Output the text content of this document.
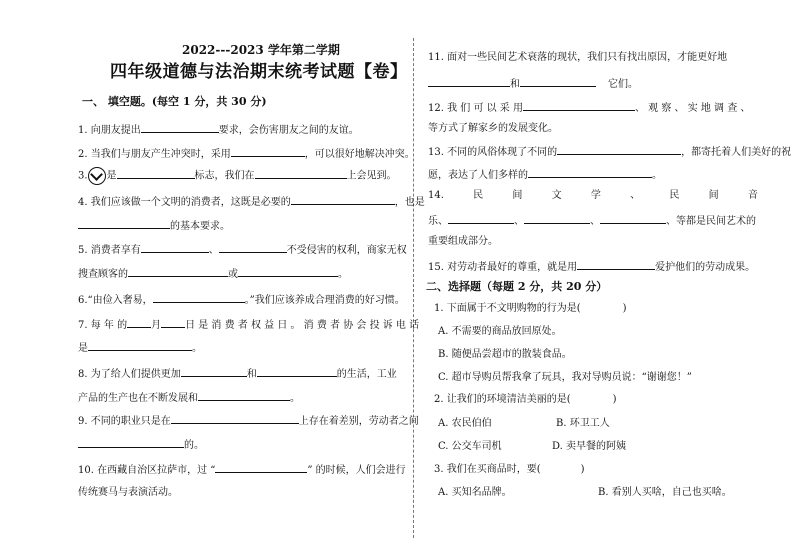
2022---2023 学年第二学期
四年级道德与法治期末统考试题【卷】
一、 填空题。(每空 1 分，共 30 分)
1. 向朋友提出	要求，会伤害朋友之间的友谊。
2. 当我们与朋友产生冲突时，采用	，可以很好地解决冲突。
3. 是	标志，我们在	上会见到。
4. 我们应该做一个文明的消费者，这既是必要的	，也是
的基本要求。
5. 消费者享有	、	不受侵害的权利，商家无权
搜查顾客的	或	。
6.“由俭入奢易，	。”我们应该养成合理消费的好习惯。
7. 每 年 的 月 日 是 消 费 者 权 益 日 。 消 费 者 协 会 投 诉 电 话
是	。
8. 为了给人们提供更加	和	的生活，工业
产品的生产也在不断发展和	。
9. 不同的职业只是在	上存在着差别，劳动者之间
的。
10. 在西藏自治区拉萨市，过 “	” 的时候，人们会进行
传统赛马与表演活动。
11. 面对一些民间艺术衰落的现状，我们只有找出原因，才能更好地
和	它们。
12. 我 们 可 以 采 用	、 观 察 、 实 地 调 查 、
等方式了解家乡的发展变化。
13. 不同的风俗体现了不同的	，都寄托着人们美好的祝
愿，表达了人们多样的	。
14.	民	间	文	学	、	民	间	音
乐、	、	、	、等都是民间艺术的
重要组成部分。
15. 对劳动者最好的尊重，就是用	爱护他们的劳动成果。
二、选择题（每题 2 分，共 20 分）
1. 下面属于不文明购物的行为是(	)
A. 不需要的商品放回原处。
B. 随便品尝超市的散装食品。
C. 超市导购员帮我拿了玩具，我对导购员说：“谢谢您！”
2. 让我们的环境清洁美丽的是(	)
A. 农民伯伯	B. 环卫工人
C. 公交车司机	D. 卖早餐的阿姨
3. 我们在买商品时，要(	)
A. 买知名品牌。	B. 看别人买啥，自己也买啥。
